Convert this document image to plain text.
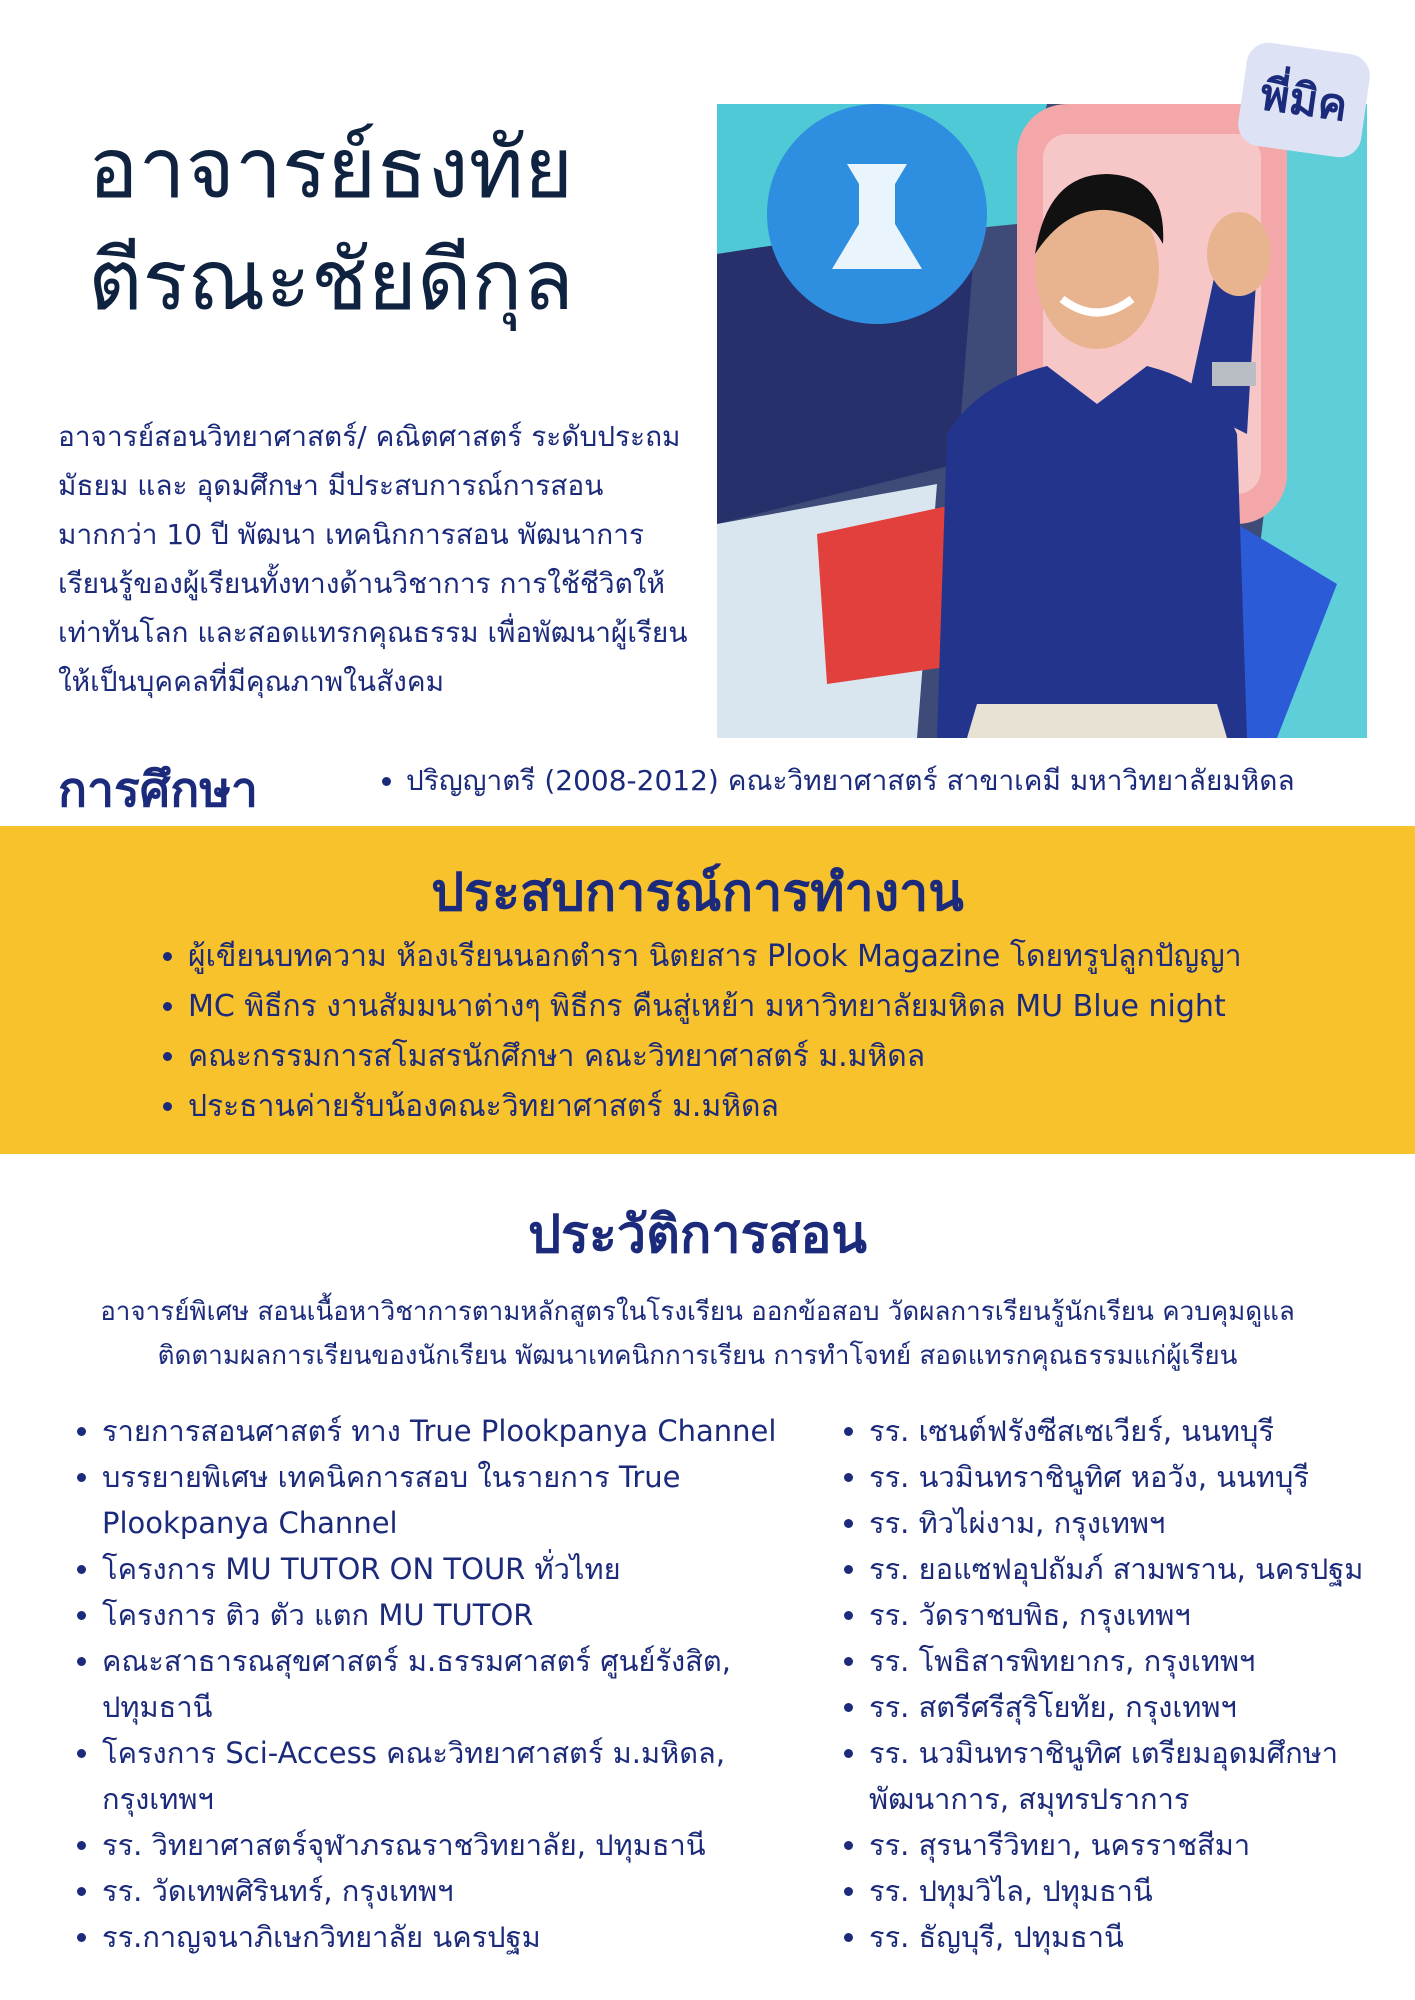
อาจารย์ธงทัย
ตีรณะชัยดีกุล

อาจารย์สอนวิทยาศาสตร์/ คณิตศาสตร์ ระดับประถม มัธยม และ อุดมศึกษา มีประสบการณ์การสอนมากกว่า 10 ปี พัฒนา เทคนิกการสอน พัฒนาการเรียนรู้ของผู้เรียนทั้งทางด้านวิชาการ การใช้ชีวิตให้เท่าทันโลก และสอดแทรกคุณธรรม เพื่อพัฒนาผู้เรียนให้เป็นบุคคลที่มีคุณภาพในสังคม

พี่มิค
การศึกษา
•	ปริญญาตรี (2008-2012) คณะวิทยาศาสตร์ สาขาเคมี มหาวิทยาลัยมหิดล
ประสบการณ์การทำงาน
• ผู้เขียนบทความ ห้องเรียนนอกตำรา นิตยสาร Plook Magazine โดยทรูปลูกปัญญา
• MC พิธีกร งานสัมมนาต่างๆ พิธีกร คืนสู่เหย้า มหาวิทยาลัยมหิดล MU Blue night
• คณะกรรมการสโมสรนักศึกษา คณะวิทยาศาสตร์ ม.มหิดล
• ประธานค่ายรับน้องคณะวิทยาศาสตร์ ม.มหิดล
ประวัติการสอน

อาจารย์พิเศษ สอนเนื้อหาวิชาการตามหลักสูตรในโรงเรียน ออกข้อสอบ วัดผลการเรียนรู้นักเรียน ควบคุมดูแล ติดตามผลการเรียนของนักเรียน พัฒนาเทคนิกการเรียน การทำโจทย์ สอดแทรกคุณธรรมแก่ผู้เรียน

• รายการสอนศาสตร์ ทาง True Plookpanya Channel
• บรรยายพิเศษ เทคนิคการสอบ ในรายการ True Plookpanya Channel
• โครงการ MU TUTOR ON TOUR ทั่วไทย
• โครงการ ติว ตัว แตก MU TUTOR
• คณะสาธารณสุขศาสตร์ ม.ธรรมศาสตร์ ศูนย์รังสิต, ปทุมธานี
• โครงการ Sci-Access คณะวิทยาศาสตร์ ม.มหิดล, กรุงเทพฯ
• รร. วิทยาศาสตร์จุฬาภรณราชวิทยาลัย, ปทุมธานี
• รร. วัดเทพศิรินทร์, กรุงเทพฯ
• รร.กาญจนาภิเษกวิทยาลัย นครปฐม
• รร. เซนต์ฟรังซีสเซเวียร์, นนทบุรี
• รร. นวมินทราชินูทิศ หอวัง, นนทบุรี
• รร. ทิวไผ่งาม, กรุงเทพฯ
• รร. ยอแซฟอุปถัมภ์ สามพราน, นครปฐม
• รร. วัดราชบพิธ, กรุงเทพฯ
• รร. โพธิสารพิทยากร, กรุงเทพฯ
• รร. สตรีศรีสุริโยทัย, กรุงเทพฯ
• รร. นวมินทราชินูทิศ เตรียมอุดมศึกษาพัฒนาการ, สมุทรปราการ
• รร. สุรนารีวิทยา, นครราชสีมา
• รร. ปทุมวิไล, ปทุมธานี
• รร. ธัญบุรี, ปทุมธานี
